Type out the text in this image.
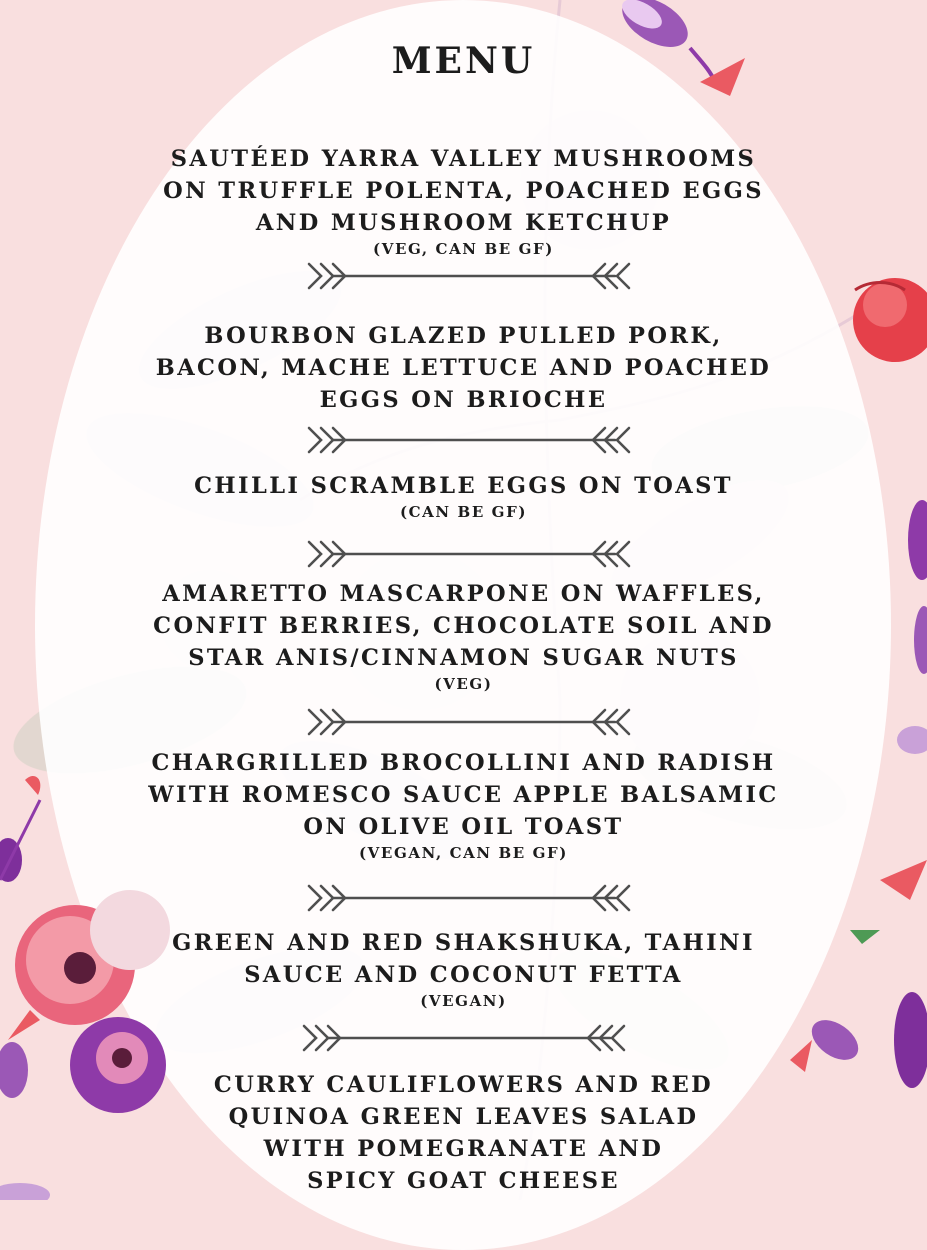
MENU
SAUTÉED YARRA VALLEY MUSHROOMS
ON TRUFFLE POLENTA, POACHED EGGS
AND MUSHROOM KETCHUP
(VEG, CAN BE GF)
BOURBON GLAZED PULLED PORK,
BACON, MACHE LETTUCE AND POACHED
EGGS ON BRIOCHE
CHILLI SCRAMBLE EGGS ON TOAST
(CAN BE GF)
AMARETTO MASCARPONE ON WAFFLES,
CONFIT BERRIES, CHOCOLATE SOIL AND
STAR ANIS/CINNAMON SUGAR NUTS
(VEG)
CHARGRILLED BROCOLLINI AND RADISH
WITH ROMESCO SAUCE APPLE BALSAMIC
ON OLIVE OIL TOAST
(VEGAN, CAN BE GF)
GREEN AND RED SHAKSHUKA, TAHINI
SAUCE AND COCONUT FETTA
(VEGAN)
CURRY CAULIFLOWERS AND RED
QUINOA GREEN LEAVES SALAD
WITH POMEGRANATE AND
SPICY GOAT CHEESE
